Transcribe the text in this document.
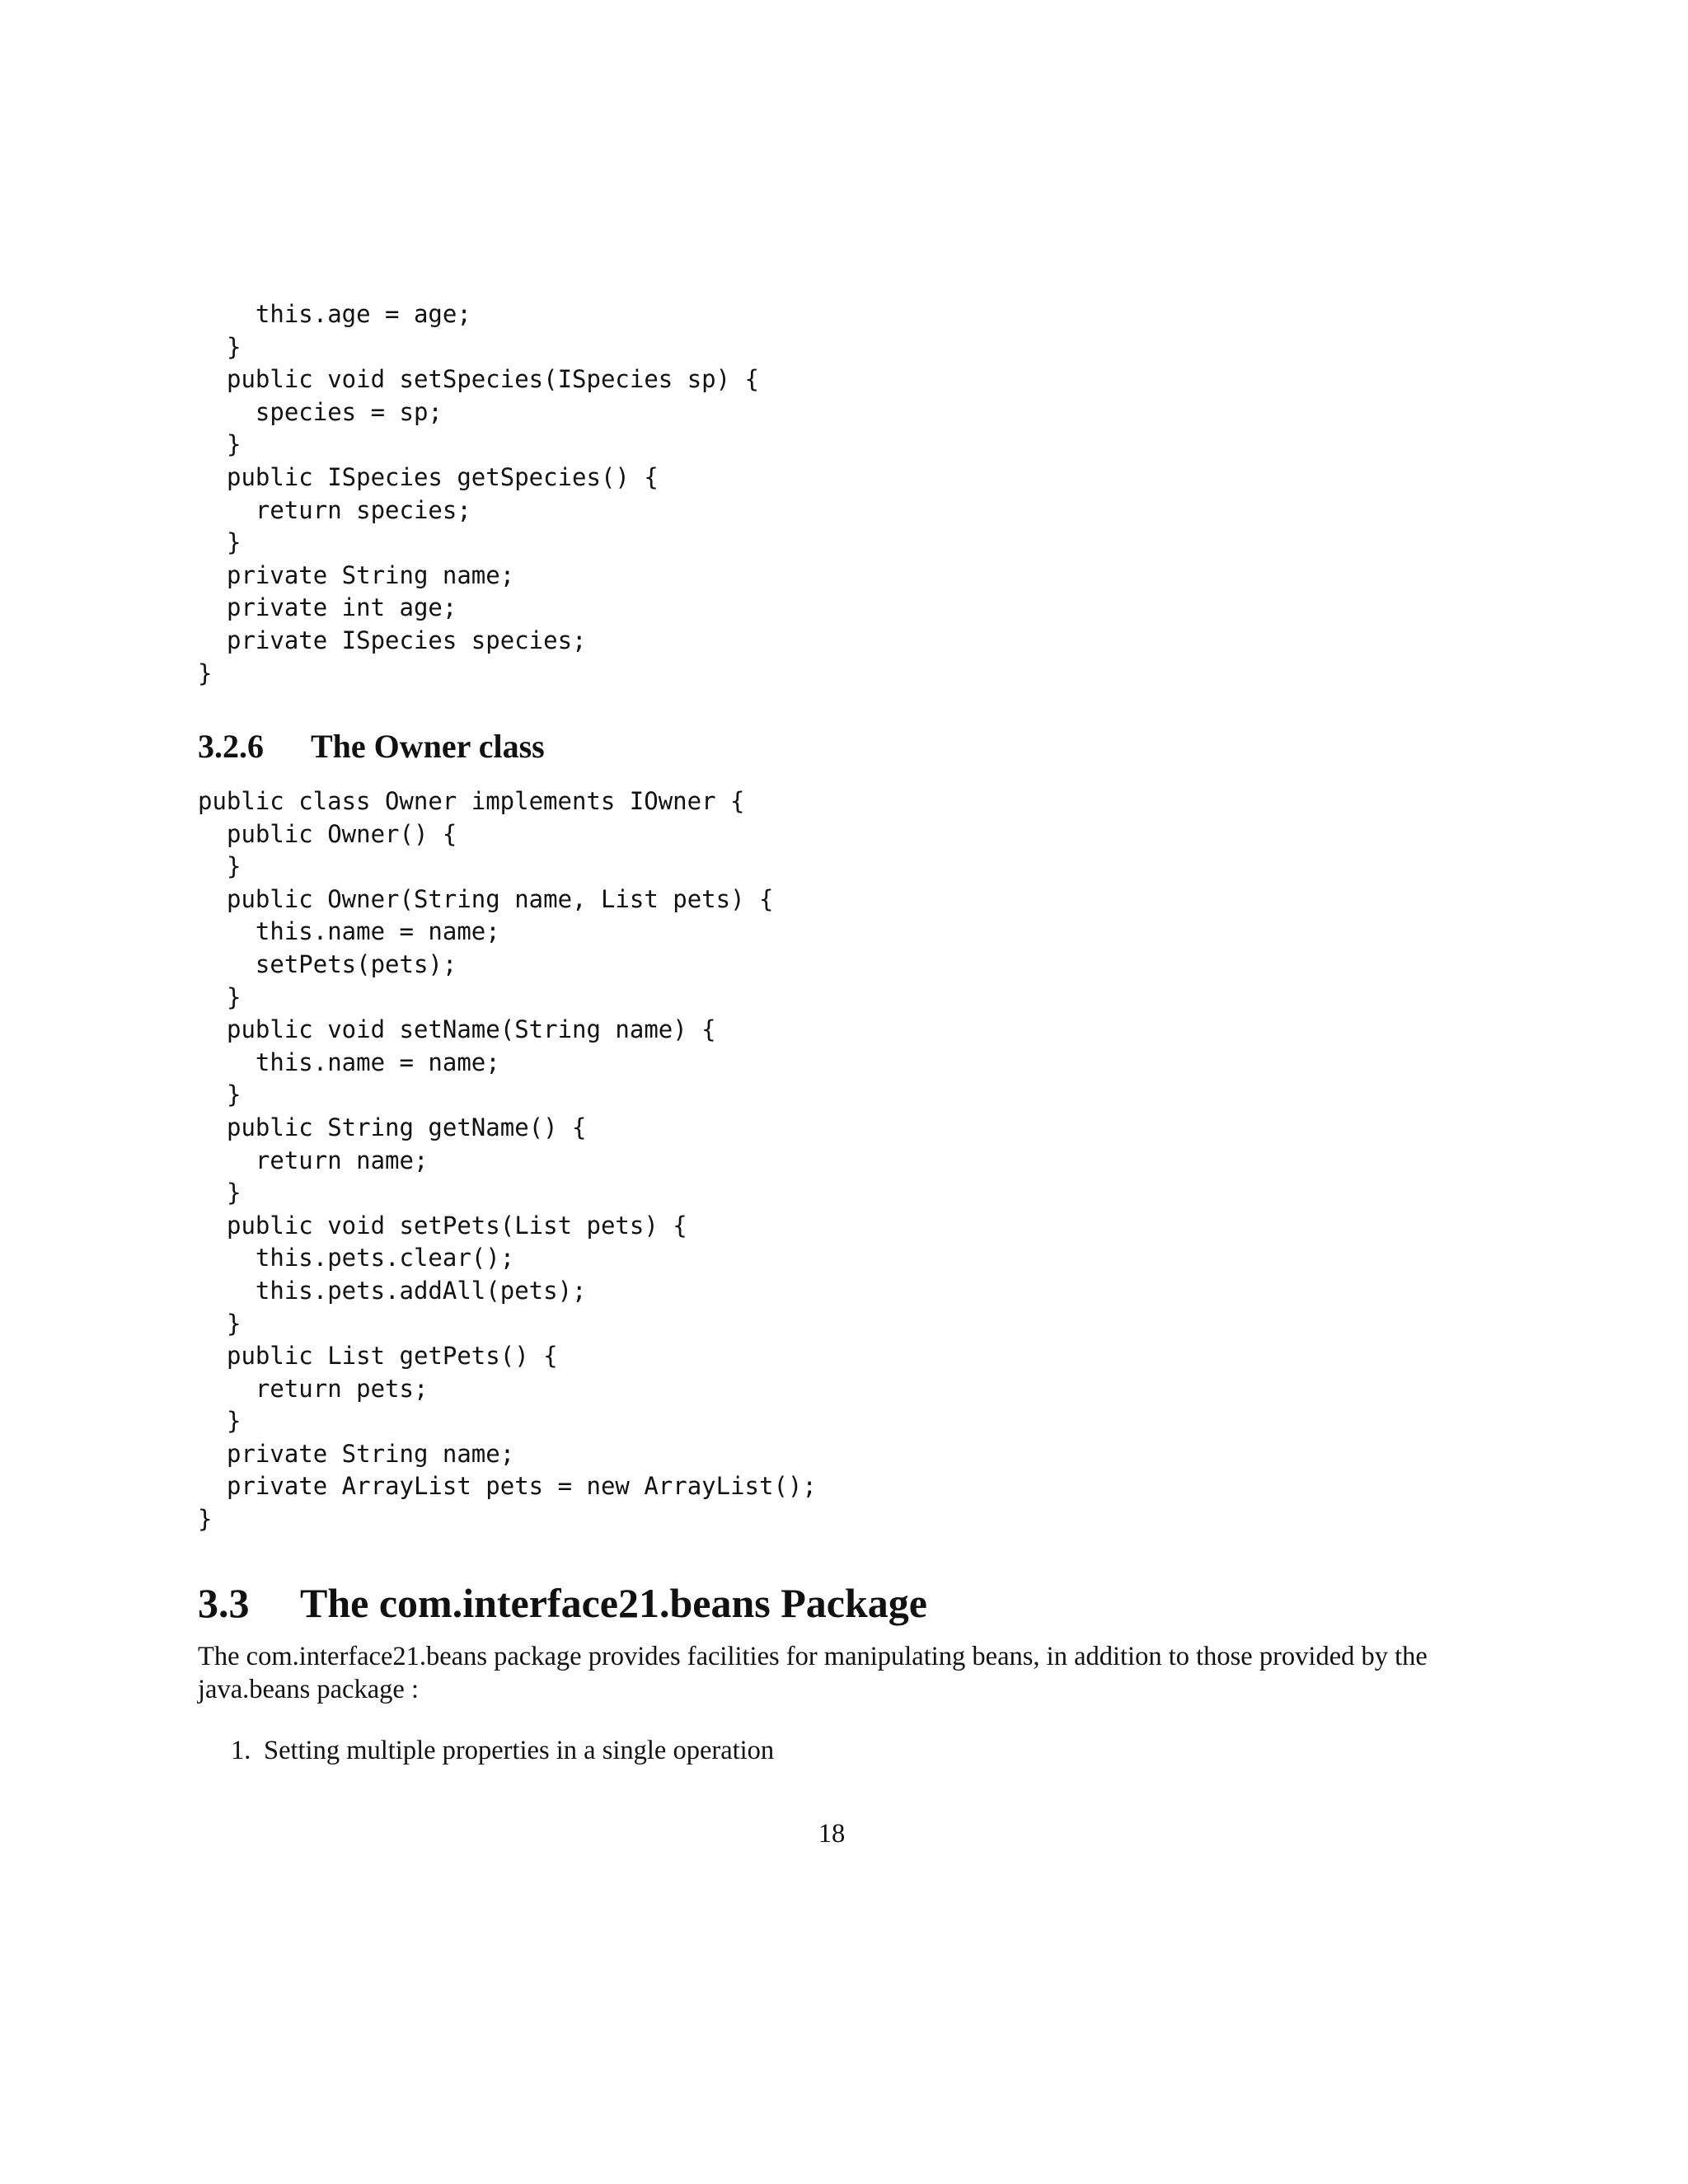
this.age = age;
}
public void setSpecies(ISpecies sp) {
species = sp;
}
public ISpecies getSpecies() {
return species;
}
private String name;
private int age;
private ISpecies species;
}
3.2.6 The Owner class
public class Owner implements IOwner {
public Owner() {
}
public Owner(String name, List pets) {
this.name = name;
setPets(pets);
}
public void setName(String name) {
this.name = name;
}
public String getName() {
return name;
}
public void setPets(List pets) {
this.pets.clear();
this.pets.addAll(pets);
}
public List getPets() {
return pets;
}
private String name;
private ArrayList pets = new ArrayList();
}
3.3 The com.interface21.beans Package

The com.interface21.beans package provides facilities for manipulating beans, in addition to those provided by the java.beans package :

1. Setting multiple properties in a single operation
18
